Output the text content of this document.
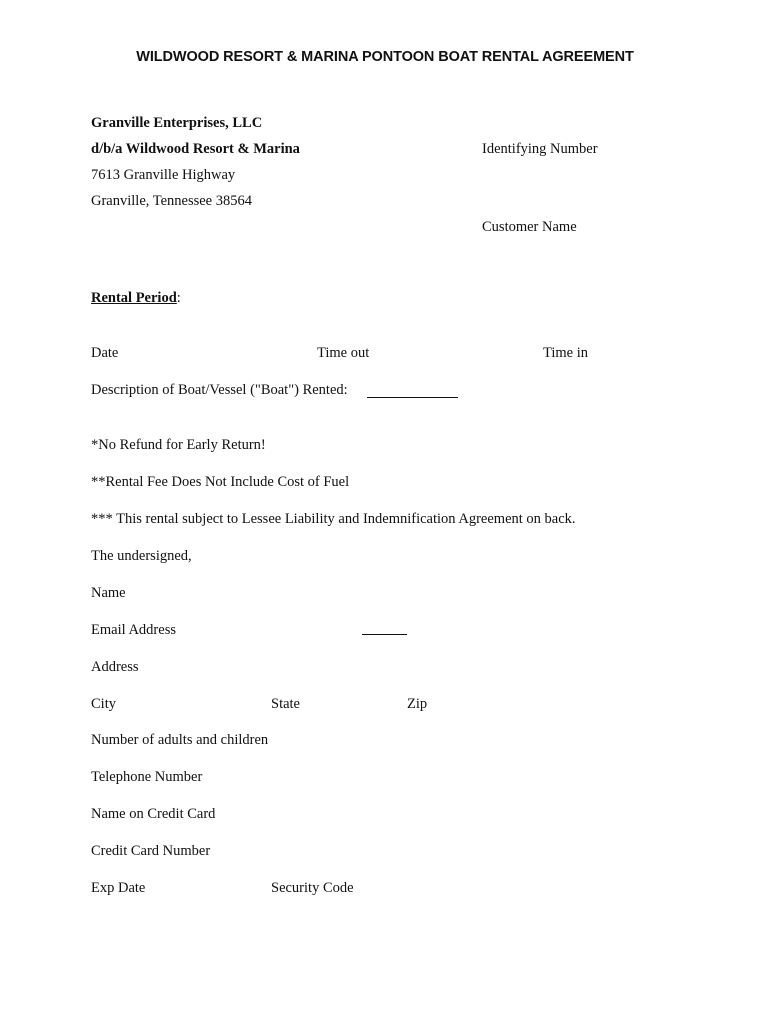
WILDWOOD RESORT & MARINA PONTOON BOAT RENTAL AGREEMENT
Granville Enterprises, LLC
d/b/a Wildwood Resort & Marina
7613 Granville Highway
Granville, Tennessee 38564
Identifying Number
Customer Name
Rental Period:
Date	Time out	Time in
Description of Boat/Vessel ("Boat") Rented:
*No Refund for Early Return!
**Rental Fee Does Not Include Cost of Fuel
*** This rental subject to Lessee Liability and Indemnification Agreement on back.
The undersigned,
Name
Email Address
Address
City	State	Zip
Number of adults and children
Telephone Number
Name on Credit Card
Credit Card Number
Exp Date	Security Code
